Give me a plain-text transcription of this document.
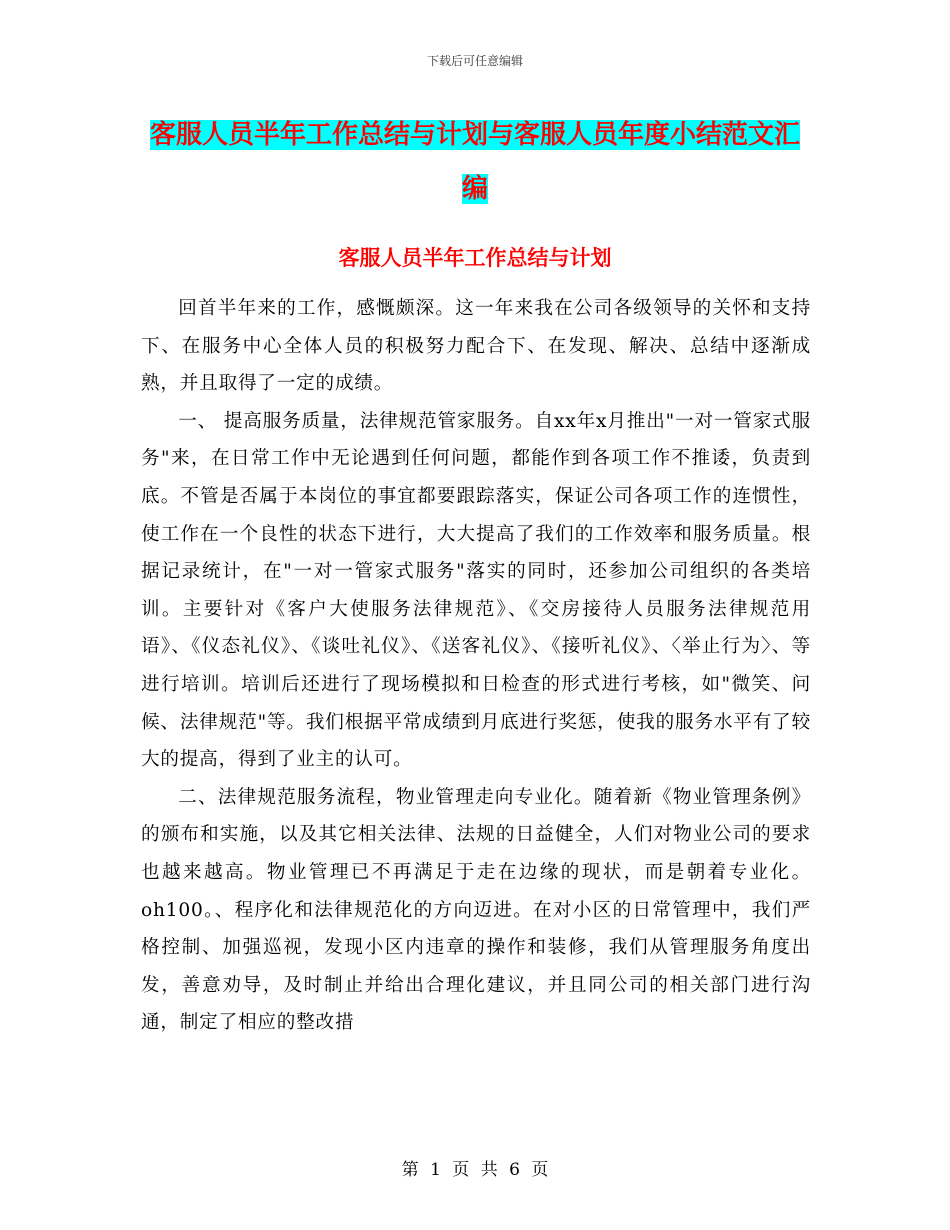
下载后可任意编辑
客服人员半年工作总结与计划与客服人员年度小结范文汇编
客服人员半年工作总结与计划

回首半年来的工作，感慨颇深。这一年来我在公司各级领导的关怀和支持下、在服务中心全体人员的积极努力配合下、在发现、解决、总结中逐渐成熟，并且取得了一定的成绩。

一、 提高服务质量，法律规范管家服务。自xx年x月推出"一对一管家式服务"来，在日常工作中无论遇到任何问题，都能作到各项工作不推诿，负责到底。不管是否属于本岗位的事宜都要跟踪落实，保证公司各项工作的连惯性，使工作在一个良性的状态下进行，大大提高了我们的工作效率和服务质量。根据记录统计，在"一对一管家式服务"落实的同时，还参加公司组织的各类培训。主要针对《客户大使服务法律规范》、《交房接待人员服务法律规范用语》、《仪态礼仪》、《谈吐礼仪》、《送客礼仪》、《接听礼仪》、〈举止行为〉、等进行培训。培训后还进行了现场模拟和日检查的形式进行考核，如"微笑、问候、法律规范"等。我们根据平常成绩到月底进行奖惩，使我的服务水平有了较大的提高，得到了业主的认可。

二、法律规范服务流程，物业管理走向专业化。随着新《物业管理条例》的颁布和实施，以及其它相关法律、法规的日益健全，人们对物业公司的要求也越来越高。物业管理已不再满足于走在边缘的现状，而是朝着专业化。oh100。、程序化和法律规范化的方向迈进。在对小区的日常管理中，我们严格控制、加强巡视，发现小区内违章的操作和装修，我们从管理服务角度出发，善意劝导，及时制止并给出合理化建议，并且同公司的相关部门进行沟通，制定了相应的整改措

第 1 页 共 6 页
